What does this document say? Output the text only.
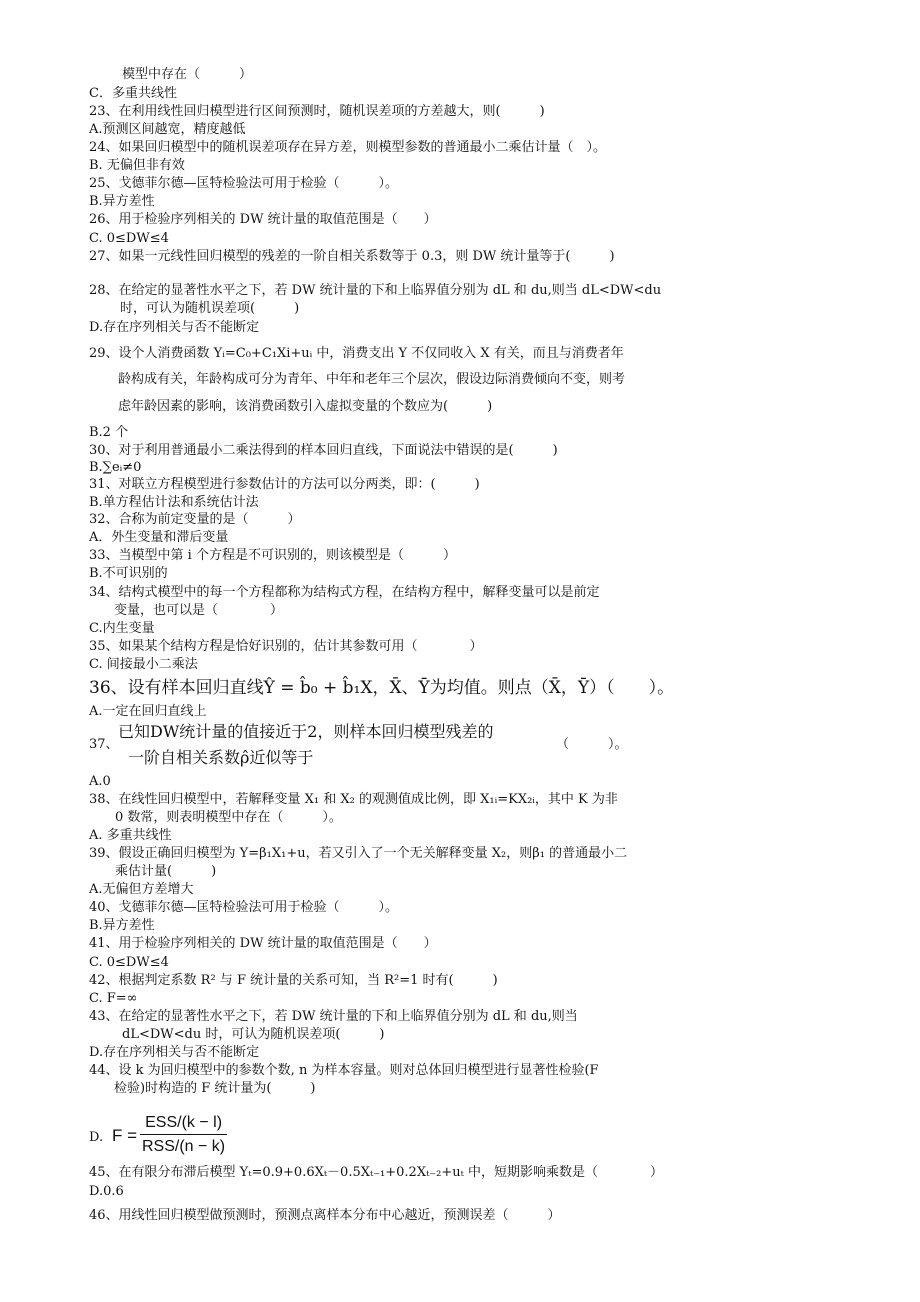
模型中存在（　　　）
C．多重共线性
23、在利用线性回归模型进行区间预测时，随机误差项的方差越大，则(　　　)
A.预测区间越宽，精度越低
24、如果回归模型中的随机误差项存在异方差，则模型参数的普通最小二乘估计量（　）。
B. 无偏但非有效
25、戈德菲尔德—匡特检验法可用于检验（　　　）。
B.异方差性
26、用于检验序列相关的 DW 统计量的取值范围是（　　）
C. 0≤DW≤4
27、如果一元线性回归模型的残差的一阶自相关系数等于 0.3，则 DW 统计量等于(　　　)
28、在给定的显著性水平之下，若 DW 统计量的下和上临界值分别为 dL 和 du,则当 dL<DW<du
时，可认为随机误差项(　　　)
D.存在序列相关与否不能断定
29、设个人消费函数 Yᵢ=C₀+C₁Xi+uᵢ 中，消费支出 Y 不仅同收入 X 有关，而且与消费者年
龄构成有关，年龄构成可分为青年、中年和老年三个层次，假设边际消费倾向不变，则考
虑年龄因素的影响，该消费函数引入虚拟变量的个数应为(　　　)
B.2 个
30、对于利用普通最小二乘法得到的样本回归直线，下面说法中错误的是(　　　)
B.∑eᵢ≠0
31、对联立方程模型进行参数估计的方法可以分两类，即：(　　　)
B.单方程估计法和系统估计法
32、合称为前定变量的是（　　　）
A．外生变量和滞后变量
33、当模型中第 i 个方程是不可识别的，则该模型是（　　　）
B.不可识别的
34、结构式模型中的每一个方程都称为结构式方程，在结构方程中，解释变量可以是前定
变量，也可以是（　　　　）
C.内生变量
35、如果某个结构方程是恰好识别的，估计其参数可用（　　　　）
C. 间接最小二乘法
36、设有样本回归直线Ŷ = b̂₀ + b̂₁X，X̄、Ȳ为均值。则点（X̄，Ȳ）（　　）。
A.一定在回归直线上
已知DW统计量的值接近于2，则样本回归模型残差的
37、	（　　　）。
一阶自相关系数ρ̂近似等于
A.0
38、在线性回归模型中，若解释变量 X₁ 和 X₂ 的观测值成比例，即 X₁ᵢ=KX₂ᵢ，其中 K 为非
0 数常，则表明模型中存在（　　　）。
A. 多重共线性
39、假设正确回归模型为 Y=β₁X₁+u，若又引入了一个无关解释变量 X₂，则β₁ 的普通最小二
乘估计量(　　　)
A.无偏但方差增大
40、戈德菲尔德—匡特检验法可用于检验（　　　）。
B.异方差性
41、用于检验序列相关的 DW 统计量的取值范围是（　　）
C. 0≤DW≤4
42、根据判定系数 R² 与 F 统计量的关系可知，当 R²=1 时有(　　　)
C. F=∞
43、在给定的显著性水平之下，若 DW 统计量的下和上临界值分别为 dL 和 du,则当
dL<DW<du 时，可认为随机误差项(　　　)
D.存在序列相关与否不能断定
44、设 k 为回归模型中的参数个数, n 为样本容量。则对总体回归模型进行显著性检验(F
检验)时构造的 F 统计量为(　　　)
D. F =
ESS/(k − l)
RSS/(n − k)
45、在有限分布滞后模型 Yₜ=0.9+0.6Xₜ－0.5Xₜ₋₁+0.2Xₜ₋₂+uₜ 中，短期影响乘数是（　　　　）
D.0.6
46、用线性回归模型做预测时，预测点离样本分布中心越近，预测误差（　　　）
